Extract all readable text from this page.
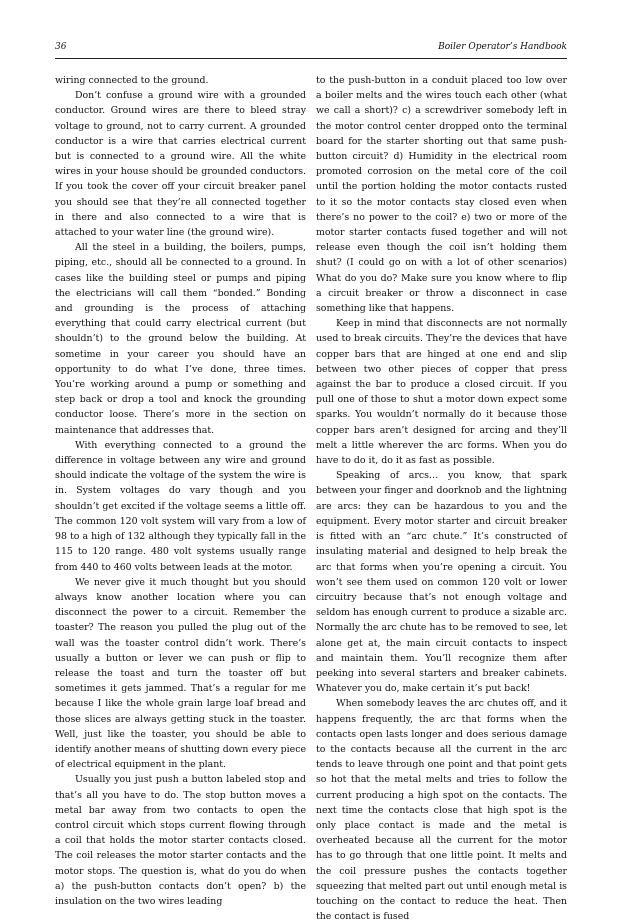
36	Boiler Operator’s Handbook

wiring connected to the ground.

Don’t confuse a ground wire with a grounded conductor. Ground wires are there to bleed stray voltage to ground, not to carry current. A grounded conductor is a wire that carries electrical current but is connected to a ground wire. All the white wires in your house should be grounded conductors. If you took the cover off your circuit breaker panel you should see that they’re all connected together in there and also connected to a wire that is attached to your water line (the ground wire).

All the steel in a building, the boilers, pumps, piping, etc., should all be connected to a ground. In cases like the building steel or pumps and piping the electricians will call them “bonded.” Bonding and grounding is the process of attaching everything that could carry electrical current (but shouldn’t) to the ground below the building. At sometime in your career you should have an opportunity to do what I’ve done, three times. You’re working around a pump or something and step back or drop a tool and knock the grounding conductor loose. There’s more in the section on maintenance that addresses that.

With everything connected to a ground the difference in voltage between any wire and ground should indicate the voltage of the system the wire is in. System voltages do vary though and you shouldn’t get excited if the voltage seems a little off. The common 120 volt system will vary from a low of 98 to a high of 132 although they typically fall in the 115 to 120 range. 480 volt systems usually range from 440 to 460 volts between leads at the motor.

We never give it much thought but you should always know another location where you can disconnect the power to a circuit. Remember the toaster? The reason you pulled the plug out of the wall was the toaster control didn’t work. There’s usually a button or lever we can push or flip to release the toast and turn the toaster off but sometimes it gets jammed. That’s a regular for me because I like the whole grain large loaf bread and those slices are always getting stuck in the toaster. Well, just like the toaster, you should be able to identify another means of shutting down every piece of electrical equipment in the plant.

Usually you just push a button labeled stop and that’s all you have to do. The stop button moves a metal bar away from two contacts to open the control circuit which stops current flowing through a coil that holds the motor starter contacts closed. The coil releases the motor starter contacts and the motor stops. The question is, what do you do when a) the push-button contacts don’t open? b) the insulation on the two wires leading

to the push-button in a conduit placed too low over a boiler melts and the wires touch each other (what we call a short)? c) a screwdriver somebody left in the motor control center dropped onto the terminal board for the starter shorting out that same push-button circuit? d) Humidity in the electrical room promoted corrosion on the metal core of the coil until the portion holding the motor contacts rusted to it so the motor contacts stay closed even when there’s no power to the coil? e) two or more of the motor starter contacts fused together and will not release even though the coil isn’t holding them shut? (I could go on with a lot of other scenarios) What do you do? Make sure you know where to flip a circuit breaker or throw a disconnect in case something like that happens.

Keep in mind that disconnects are not normally used to break circuits. They’re the devices that have copper bars that are hinged at one end and slip between two other pieces of copper that press against the bar to produce a closed circuit. If you pull one of those to shut a motor down expect some sparks. You wouldn’t normally do it because those copper bars aren’t designed for arcing and they’ll melt a little wherever the arc forms. When you do have to do it, do it as fast as possible.

Speaking of arcs… you know, that spark between your finger and doorknob and the lightning are arcs: they can be hazardous to you and the equipment. Every motor starter and circuit breaker is fitted with an “arc chute.” It’s constructed of insulating material and designed to help break the arc that forms when you’re opening a circuit. You won’t see them used on common 120 volt or lower circuitry because that’s not enough voltage and seldom has enough current to produce a sizable arc. Normally the arc chute has to be removed to see, let alone get at, the main circuit contacts to inspect and maintain them. You’ll recognize them after peeking into several starters and breaker cabinets. Whatever you do, make certain it’s put back!

When somebody leaves the arc chutes off, and it happens frequently, the arc that forms when the contacts open lasts longer and does serious damage to the contacts because all the current in the arc tends to leave through one point and that point gets so hot that the metal melts and tries to follow the current producing a high spot on the contacts. The next time the contacts close that high spot is the only place contact is made and the metal is overheated because all the current for the motor has to go through that one little point. It melts and the coil pressure pushes the contacts together squeezing that melted part out until enough metal is touching on the contact to reduce the heat. Then the contact is fused
